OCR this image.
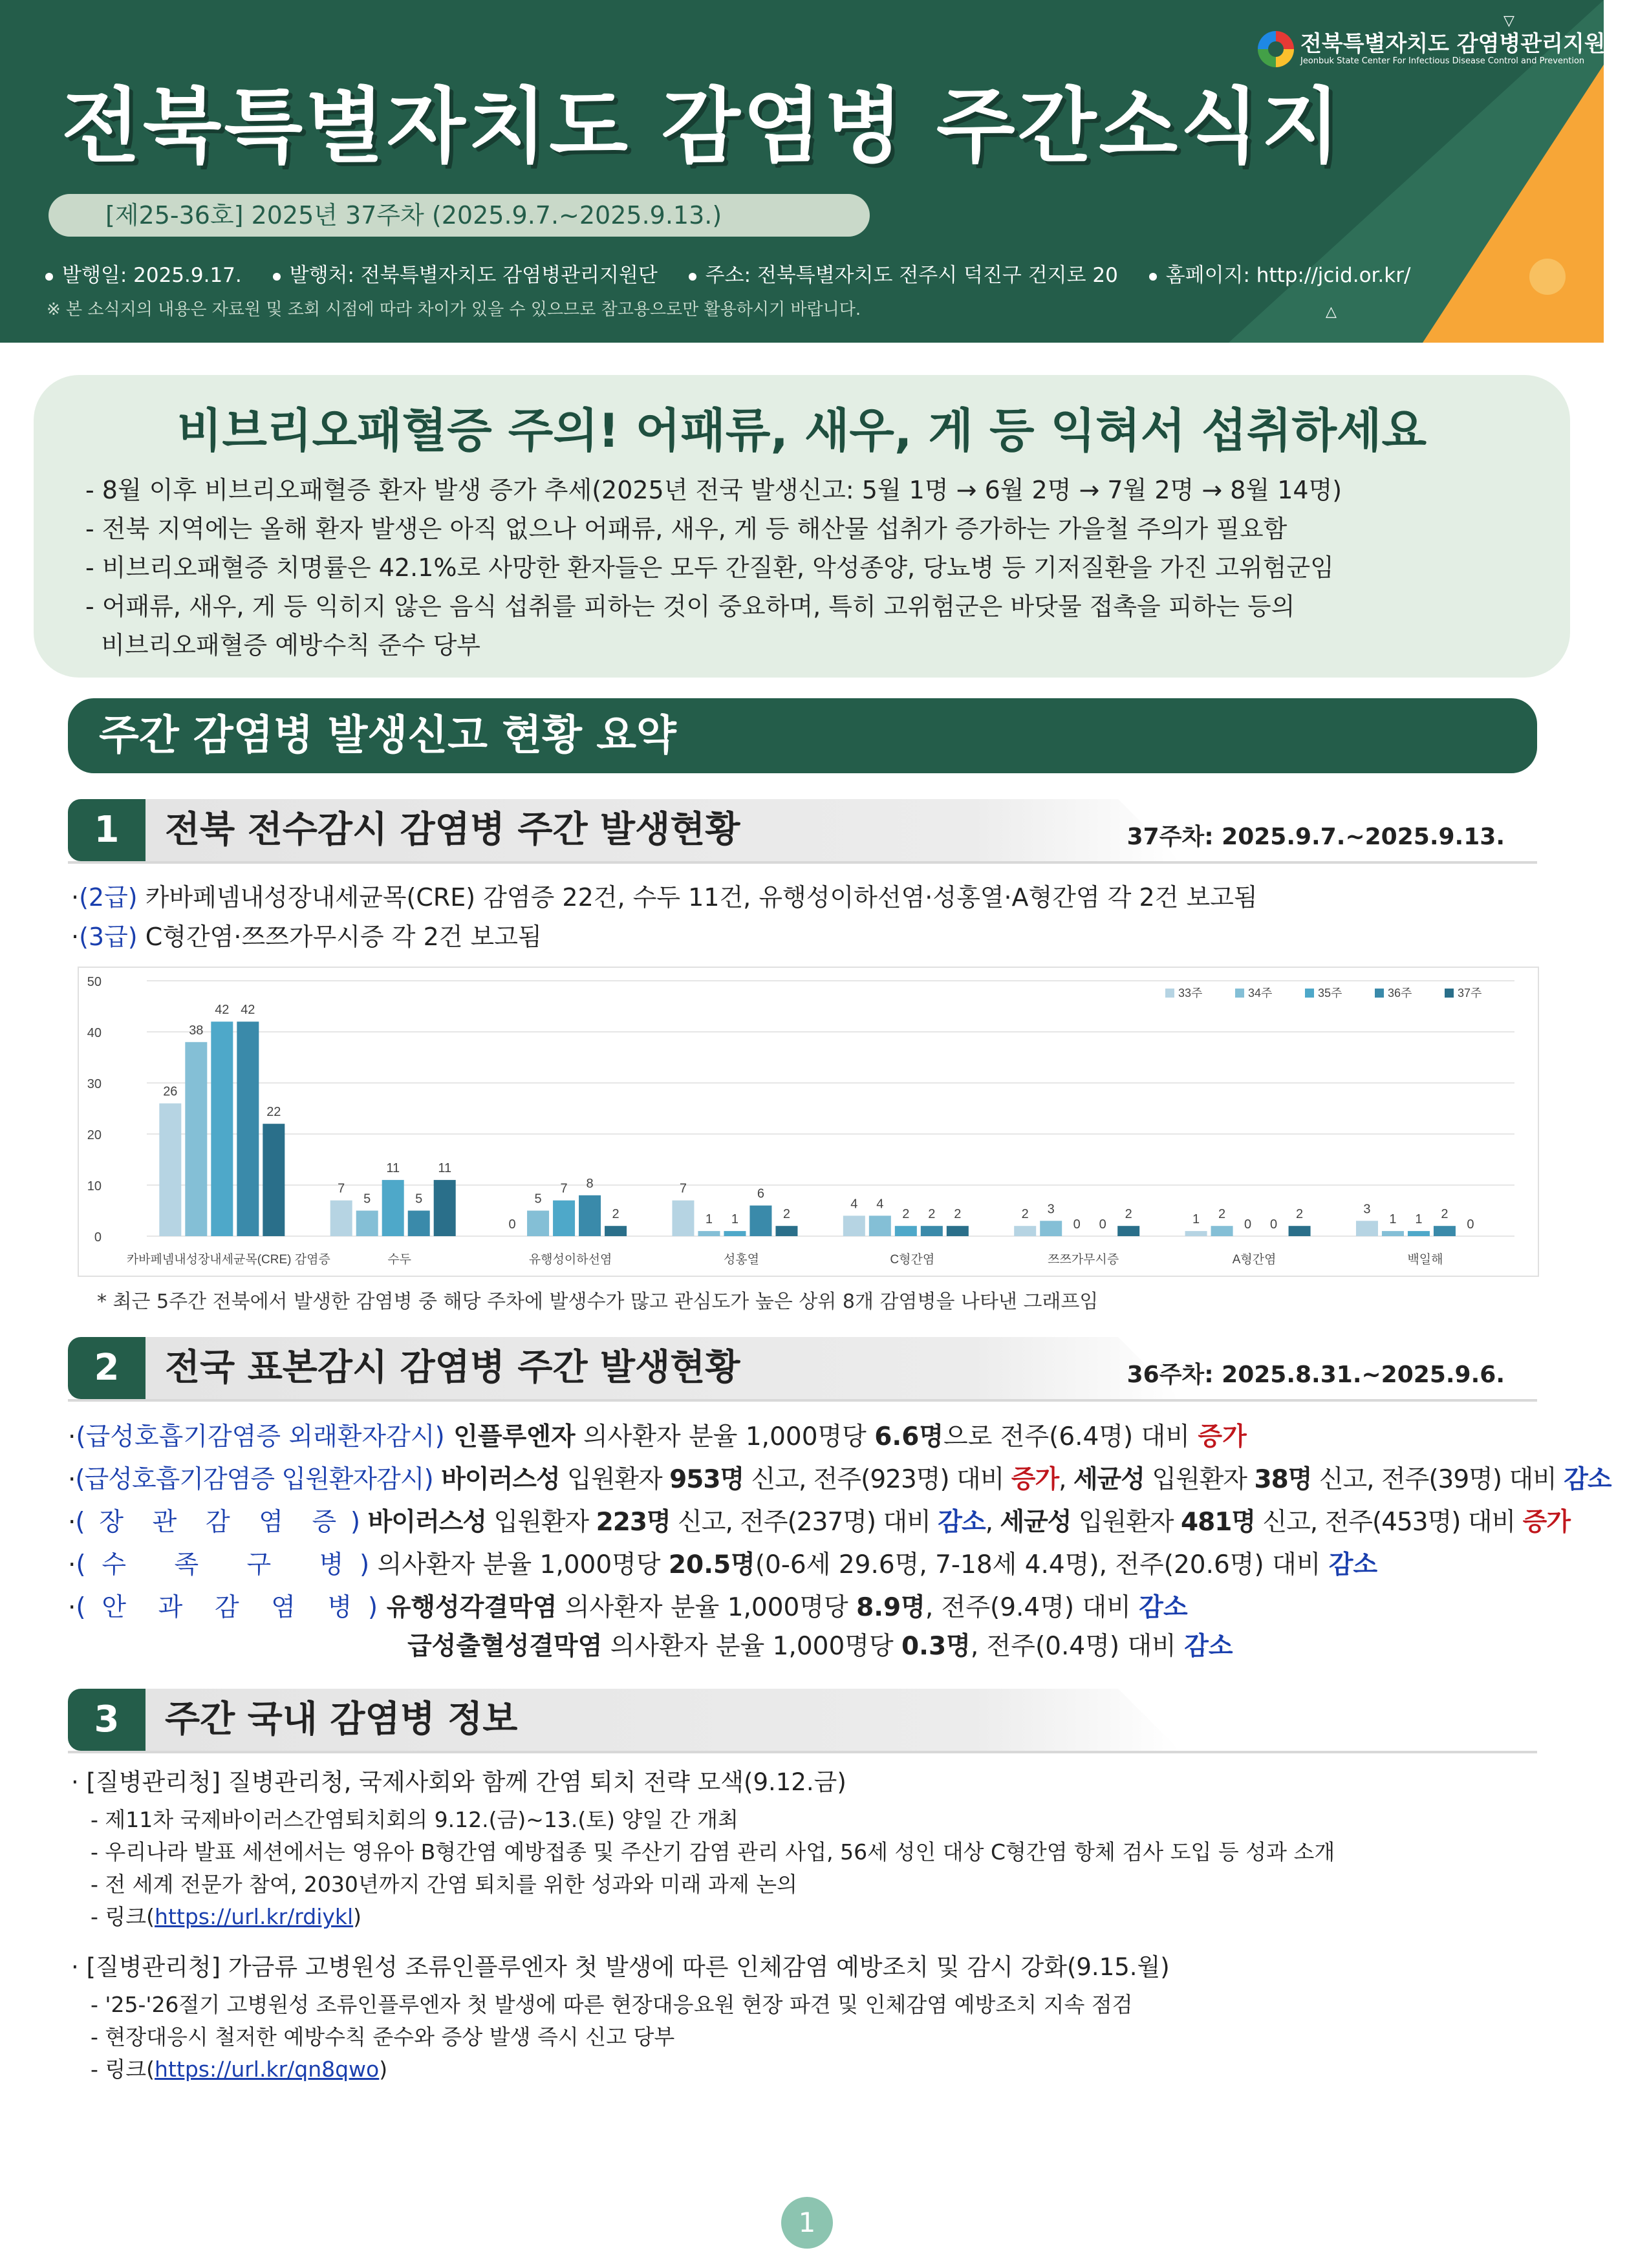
▽
△
전북특별자치도 감염병관리지원단
Jeonbuk State Center For Infectious Disease Control and Prevention
전북특별자치도 감염병 주간소식지
[제25-36호] 2025년 37주차 (2025.9.7.~2025.9.13.)
발행일: 2025.9.17. 발행처: 전북특별자치도 감염병관리지원단 주소: 전북특별자치도 전주시 덕진구 건지로 20 홈페이지: http://jcid.or.kr/
※ 본 소식지의 내용은 자료원 및 조회 시점에 따라 차이가 있을 수 있으므로 참고용으로만 활용하시기 바랍니다.
비브리오패혈증 주의! 어패류, 새우, 게 등 익혀서 섭취하세요
- 8월 이후 비브리오패혈증 환자 발생 증가 추세(2025년 전국 발생신고: 5월 1명 → 6월 2명 → 7월 2명 → 8월 14명)
- 전북 지역에는 올해 환자 발생은 아직 없으나 어패류, 새우, 게 등 해산물 섭취가 증가하는 가을철 주의가 필요함
- 비브리오패혈증 치명률은 42.1%로 사망한 환자들은 모두 간질환, 악성종양, 당뇨병 등 기저질환을 가진 고위험군임
- 어패류, 새우, 게 등 익히지 않은 음식 섭취를 피하는 것이 중요하며, 특히 고위험군은 바닷물 접촉을 피하는 등의
비브리오패혈증 예방수칙 준수 당부
주간 감염병 발생신고 현황 요약
1	전북 전수감시 감염병 주간 발생현황	37주차: 2025.9.7.~2025.9.13.
·(2급) 카바페넴내성장내세균목(CRE) 감염증 22건, 수두 11건, 유행성이하선염·성홍열·A형간염 각 2건 보고됨
·(3급) C형간염·쯔쯔가무시증 각 2건 보고됨
0
10
20
30
40
50
26
38
42 42
22
카바페넴내성장내세균목(CRE) 감염증
7
5
11
5
11
수두
0
5
7 8
2
유행성이하선염
7
1 1
6
2
성홍열
4 4
2 2 2
C형간염
2 3
0 0
2
쯔쯔가무시증
1 2
0 0
2
A형간염
3
1 1 2
0
백일해
33주	34주	35주	36주	37주
* 최근 5주간 전북에서 발생한 감염병 중 해당 주차에 발생수가 많고 관심도가 높은 상위 8개 감염병을 나타낸 그래프임
2	전국 표본감시 감염병 주간 발생현황	36주차: 2025.8.31.~2025.9.6.
·(급성호흡기감염증 외래환자감시) 인플루엔자 의사환자 분율 1,000명당 6.6명으로 전주(6.4명) 대비 증가
·(급성호흡기감염증 입원환자감시) 바이러스성 입원환자 953명 신고, 전주(923명) 대비 증가, 세균성 입원환자 38명 신고, 전주(39명) 대비 감소
·(  장    관    감    염    증  ) 바이러스성 입원환자 223명 신고, 전주(237명) 대비 감소, 세균성 입원환자 481명 신고, 전주(453명) 대비 증가
·(  수      족      구      병  ) 의사환자 분율 1,000명당 20.5명(0-6세 29.6명, 7-18세 4.4명), 전주(20.6명) 대비 감소
·(  안    과    감    염    병  ) 유행성각결막염 의사환자 분율 1,000명당 8.9명, 전주(9.4명) 대비 감소
급성출혈성결막염 의사환자 분율 1,000명당 0.3명, 전주(0.4명) 대비 감소
3	주간 국내 감염병 정보
· [질병관리청] 질병관리청, 국제사회와 함께 간염 퇴치 전략 모색(9.12.금)
- 제11차 국제바이러스간염퇴치회의 9.12.(금)~13.(토) 양일 간 개최
- 우리나라 발표 세션에서는 영유아 B형간염 예방접종 및 주산기 감염 관리 사업, 56세 성인 대상 C형간염 항체 검사 도입 등 성과 소개
- 전 세계 전문가 참여, 2030년까지 간염 퇴치를 위한 성과와 미래 과제 논의
- 링크(https://url.kr/rdiykl)
· [질병관리청] 가금류 고병원성 조류인플루엔자 첫 발생에 따른 인체감염 예방조치 및 감시 강화(9.15.월)
- '25-'26절기 고병원성 조류인플루엔자 첫 발생에 따른 현장대응요원 현장 파견 및 인체감염 예방조치 지속 점검
- 현장대응시 철저한 예방수칙 준수와 증상 발생 즉시 신고 당부
- 링크(https://url.kr/qn8qwo)
1
